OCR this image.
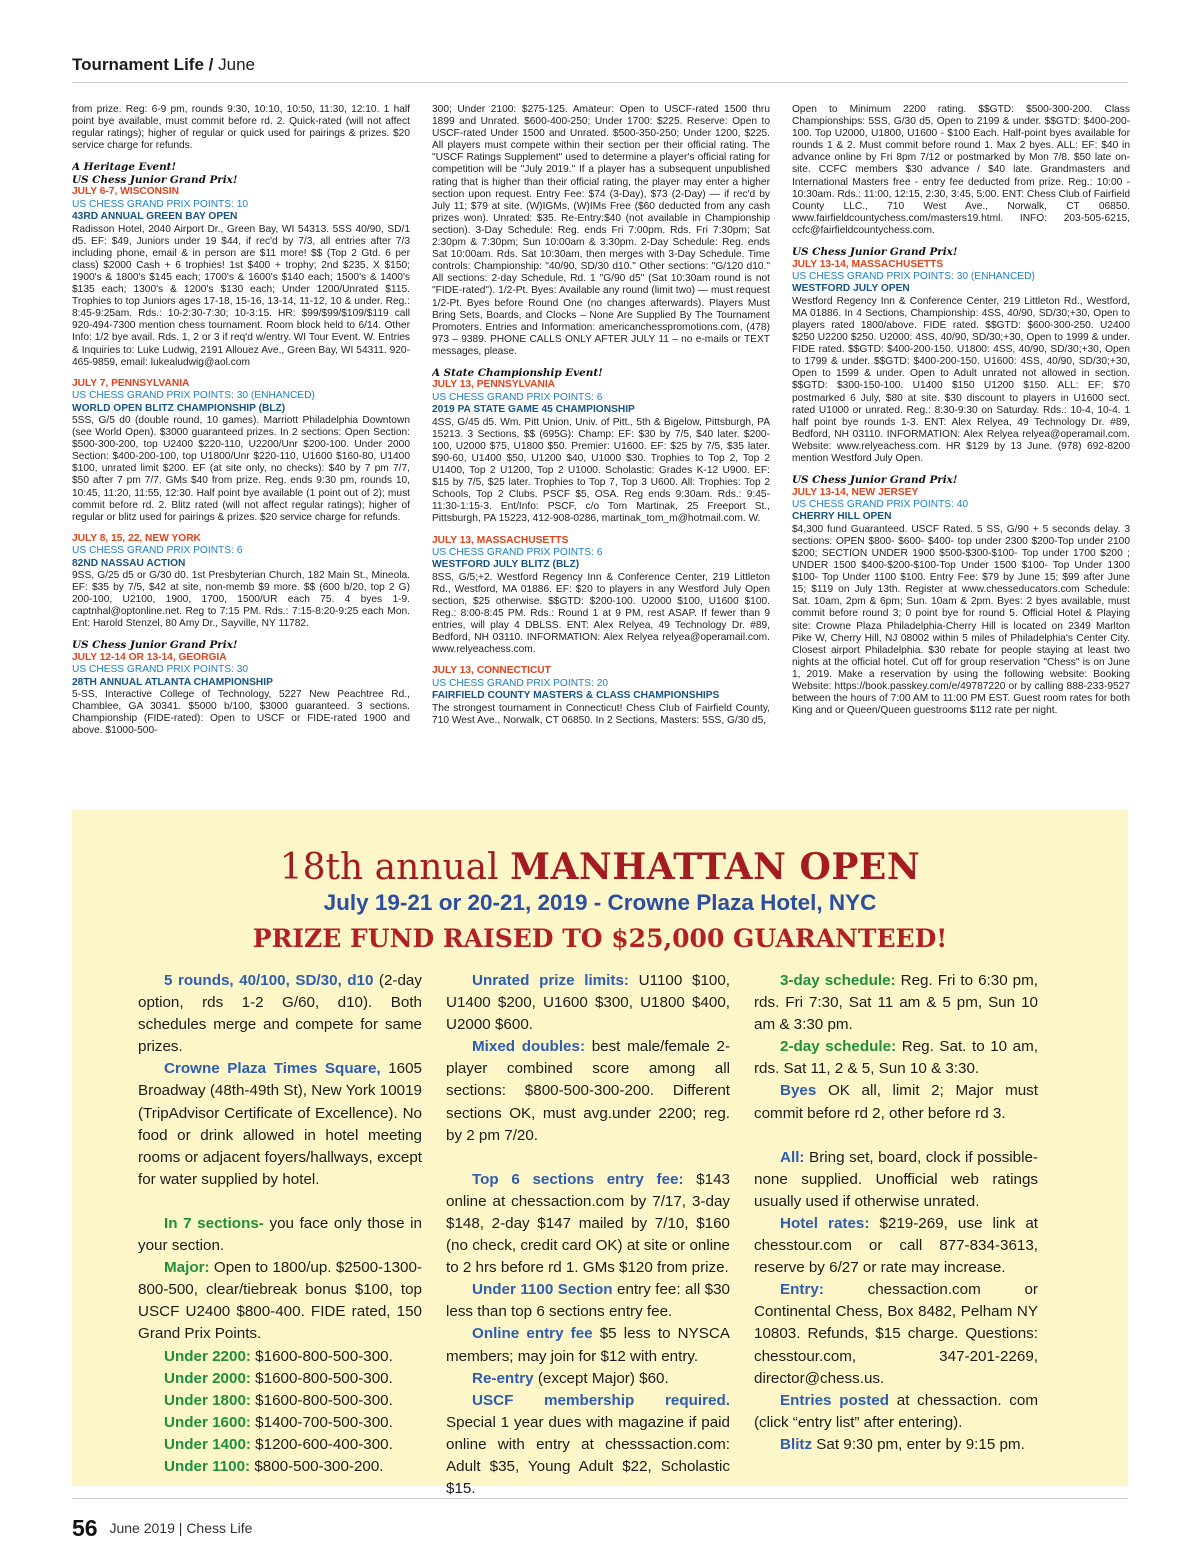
Tournament Life / June

from prize. Reg: 6-9 pm, rounds 9:30, 10:10, 10:50, 11:30, 12:10. 1 half point bye available, must commit before rd. 2. Quick-rated (will not affect regular ratings); higher of regular or quick used for pairings & prizes. $20 service charge for refunds.

A Heritage Event!

US Chess Junior Grand Prix!

JULY 6-7, WISCONSIN

US CHESS GRAND PRIX POINTS: 10

43RD ANNUAL GREEN BAY OPEN

Radisson Hotel, 2040 Airport Dr., Green Bay, WI 54313. 5SS 40/90, SD/1 d5. EF: $49, Juniors under 19 $44, if rec'd by 7/3, all entries after 7/3 including phone, email & in person are $11 more! $$ (Top 2 Gtd. 6 per class) $2000 Cash + 6 trophies! 1st $400 + trophy; 2nd $235, X $150; 1900's & 1800's $145 each; 1700's & 1600's $140 each; 1500's & 1400's $135 each; 1300's & 1200's $130 each; Under 1200/Unrated $115. Trophies to top Juniors ages 17-18, 15-16, 13-14, 11-12, 10 & under. Reg.: 8:45-9:25am. Rds.: 10-2:30-7:30; 10-3:15. HR: $99/$99/$109/$119 call 920-494-7300 mention chess tournament. Room block held to 6/14. Other Info: 1/2 bye avail. Rds. 1, 2 or 3 if req'd w/entry. WI Tour Event. W. Entries & Inquiries to: Luke Ludwig, 2191 Allouez Ave., Green Bay, WI 54311. 920-465-9859, email: lukealudwig@aol.com

JULY 7, PENNSYLVANIA

US CHESS GRAND PRIX POINTS: 30 (ENHANCED)

WORLD OPEN BLITZ CHAMPIONSHIP (BLZ)

5SS, G/5 d0 (double round, 10 games). Marriott Philadelphia Downtown (see World Open). $3000 guaranteed prizes. In 2 sections: Open Section: $500-300-200, top U2400 $220-110, U2200/Unr $200-100. Under 2000 Section: $400-200-100, top U1800/Unr $220-110, U1600 $160-80, U1400 $100, unrated limit $200. EF (at site only, no checks): $40 by 7 pm 7/7, $50 after 7 pm 7/7. GMs $40 from prize. Reg. ends 9:30 pm, rounds 10, 10:45, 11:20, 11:55, 12:30. Half point bye available (1 point out of 2); must commit before rd. 2. Blitz rated (will not affect regular ratings); higher of regular or blitz used for pairings & prizes. $20 service charge for refunds.

JULY 8, 15, 22, NEW YORK

US CHESS GRAND PRIX POINTS: 6

82ND NASSAU ACTION

9SS, G/25 d5 or G/30 d0. 1st Presbyterian Church, 182 Main St., Mineola. EF: $35 by 7/5, $42 at site, non-memb $9 more. $$ (600 b/20, top 2 G) 200-100, U2100, 1900, 1700, 1500/UR each 75. 4 byes 1-9. captnhal@optonline.net. Reg to 7:15 PM. Rds.: 7:15-8:20-9:25 each Mon. Ent: Harold Stenzel, 80 Amy Dr., Sayville, NY 11782.

US Chess Junior Grand Prix!

JULY 12-14 OR 13-14, GEORGIA

US CHESS GRAND PRIX POINTS: 30

28TH ANNUAL ATLANTA CHAMPIONSHIP

5-SS, Interactive College of Technology, 5227 New Peachtree Rd., Chamblee, GA 30341. $5000 b/100, $3000 guaranteed. 3 sections. Championship (FIDE-rated): Open to USCF or FIDE-rated 1900 and above. $1000-500-

300; Under 2100: $275-125. Amateur: Open to USCF-rated 1500 thru 1899 and Unrated. $600-400-250; Under 1700: $225. Reserve: Open to USCF-rated Under 1500 and Unrated. $500-350-250; Under 1200, $225. All players must compete within their section per their official rating. The "USCF Ratings Supplement" used to determine a player's official rating for competition will be "July 2019." If a player has a subsequent unpublished rating that is higher than their official rating, the player may enter a higher section upon request. Entry Fee: $74 (3-Day), $73 (2-Day) — if rec'd by July 11; $79 at site. (W)IGMs, (W)IMs Free ($60 deducted from any cash prizes won). Unrated: $35. Re-Entry:$40 (not available in Championship section). 3-Day Schedule: Reg. ends Fri 7:00pm. Rds. Fri 7:30pm; Sat 2:30pm & 7:30pm; Sun 10:00am & 3:30pm. 2-Day Schedule: Reg. ends Sat 10:00am. Rds. Sat 10:30am, then merges with 3-Day Schedule. Time controls: Championship: "40/90, SD/30 d10." Other sections: "G/120 d10." All sections: 2-day Schedule, Rd. 1 "G/90 d5" (Sat 10:30am round is not "FIDE-rated"). 1/2-Pt. Byes: Available any round (limit two) — must request 1/2-Pt. Byes before Round One (no changes afterwards). Players Must Bring Sets, Boards, and Clocks – None Are Supplied By The Tournament Promoters. Entries and Information: americanchesspromotions.com, (478) 973 – 9389. PHONE CALLS ONLY AFTER JULY 11 – no e-mails or TEXT messages, please.

A State Championship Event!

JULY 13, PENNSYLVANIA

US CHESS GRAND PRIX POINTS: 6

2019 PA STATE GAME 45 CHAMPIONSHIP

4SS, G/45 d5. Wm. Pitt Union, Univ. of Pitt., 5th & Bigelow, Pittsburgh, PA 15213. 3 Sections, $$ (695G): Champ: EF: $30 by 7/5, $40 later. $200-100, U2000 $75, U1800 $50. Premier: U1600. EF: $25 by 7/5, $35 later. $90-60, U1400 $50, U1200 $40, U1000 $30. Trophies to Top 2, Top 2 U1400, Top 2 U1200, Top 2 U1000. Scholastic: Grades K-12 U900. EF: $15 by 7/5, $25 later. Trophies to Top 7, Top 3 U600. All: Trophies: Top 2 Schools, Top 2 Clubs. PSCF $5, OSA. Reg ends 9:30am. Rds.: 9:45-11:30-1:15-3. Ent/Info: PSCF, c/o Tom Martinak, 25 Freeport St., Pittsburgh, PA 15223, 412-908-0286, martinak_tom_m@hotmail.com. W.

JULY 13, MASSACHUSETTS

US CHESS GRAND PRIX POINTS: 6

WESTFORD JULY BLITZ (BLZ)

8SS, G/5;+2. Westford Regency Inn & Conference Center, 219 Littleton Rd., Westford, MA 01886. EF: $20 to players in any Westford July Open section, $25 otherwise. $$GTD: $200-100. U2000 $100, U1600 $100. Reg.: 8:00-8:45 PM. Rds.: Round 1 at 9 PM, rest ASAP. If fewer than 9 entries, will play 4 DBLSS. ENT: Alex Relyea, 49 Technology Dr. #89, Bedford, NH 03110. INFORMATION: Alex Relyea relyea@operamail.com. www.relyeachess.com.

JULY 13, CONNECTICUT

US CHESS GRAND PRIX POINTS: 20

FAIRFIELD COUNTY MASTERS & CLASS CHAMPIONSHIPS

The strongest tournament in Connecticut! Chess Club of Fairfield County, 710 West Ave., Norwalk, CT 06850. In 2 Sections, Masters: 5SS, G/30 d5,

Open to Minimum 2200 rating. $$GTD: $500-300-200. Class Championships: 5SS, G/30 d5, Open to 2199 & under. $$GTD: $400-200-100. Top U2000, U1800, U1600 - $100 Each. Half-point byes available for rounds 1 & 2. Must commit before round 1. Max 2 byes. ALL: EF: $40 in advance online by Fri 8pm 7/12 or postmarked by Mon 7/8. $50 late on-site. CCFC members $30 advance / $40 late. Grandmasters and International Masters free - entry fee deducted from prize. Reg.: 10:00 - 10:30am. Rds.: 11:00, 12:15, 2:30, 3:45, 5:00. ENT: Chess Club of Fairfield County LLC., 710 West Ave., Norwalk, CT 06850. www.fairfieldcountychess.com/masters19.html. INFO: 203-505-6215, ccfc@fairfieldcountychess.com.

US Chess Junior Grand Prix!

JULY 13-14, MASSACHUSETTS

US CHESS GRAND PRIX POINTS: 30 (ENHANCED)

WESTFORD JULY OPEN

Westford Regency Inn & Conference Center, 219 Littleton Rd., Westford, MA 01886. In 4 Sections, Championship: 4SS, 40/90, SD/30;+30, Open to players rated 1800/above. FIDE rated. $$GTD: $600-300-250. U2400 $250 U2200 $250. U2000: 4SS, 40/90, SD/30;+30, Open to 1999 & under. FIDE rated. $$GTD: $400-200-150. U1800: 4SS, 40/90, SD/30;+30, Open to 1799 & under. $$GTD: $400-200-150. U1600: 4SS, 40/90, SD/30;+30, Open to 1599 & under. Open to Adult unrated not allowed in section. $$GTD: $300-150-100. U1400 $150 U1200 $150. ALL: EF: $70 postmarked 6 July, $80 at site. $30 discount to players in U1600 sect. rated U1000 or unrated. Reg.: 8:30-9:30 on Saturday. Rds.: 10-4, 10-4. 1 half point bye rounds 1-3. ENT: Alex Relyea, 49 Technology Dr. #89, Bedford, NH 03110. INFORMATION: Alex Relyea relyea@operamail.com. Website: www.relyeachess.com. HR $129 by 13 June. (978) 692-8200 mention Westford July Open.

US Chess Junior Grand Prix!

JULY 13-14, NEW JERSEY

US CHESS GRAND PRIX POINTS: 40

CHERRY HILL OPEN

$4,300 fund Guaranteed. USCF Rated. 5 SS, G/90 + 5 seconds delay. 3 sections: OPEN $800- $600- $400- top under 2300 $200-Top under 2100 $200; SECTION UNDER 1900 $500-$300-$100- Top under 1700 $200 ; UNDER 1500 $400-$200-$100-Top Under 1500 $100- Top Under 1300 $100- Top Under 1100 $100. Entry Fee: $79 by June 15; $99 after June 15; $119 on July 13th. Register at www.chesseducators.com Schedule: Sat. 10am, 2pm & 6pm; Sun. 10am & 2pm. Byes: 2 byes available, must commit before round 3; 0 point bye for round 5. Official Hotel & Playing site: Crowne Plaza Philadelphia-Cherry Hill is located on 2349 Marlton Pike W, Cherry Hill, NJ 08002 within 5 miles of Philadelphia's Center City. Closest airport Philadelphia. $30 rebate for people staying at least two nights at the official hotel. Cut off for group reservation "Chess" is on June 1, 2019. Make a reservation by using the following website: Booking Website: https://book.passkey.com/e/49787220 or by calling 888-233-9527 between the hours of 7:00 AM to 11:00 PM EST. Guest room rates for both King and or Queen/Queen guestrooms $112 rate per night.

18th annual MANHATTAN OPEN
July 19-21 or 20-21, 2019 - Crowne Plaza Hotel, NYC
PRIZE FUND RAISED TO $25,000 GUARANTEED!

5 rounds, 40/100, SD/30, d10 (2-day option, rds 1-2 G/60, d10). Both schedules merge and compete for same prizes.

Crowne Plaza Times Square, 1605 Broadway (48th-49th St), New York 10019 (TripAdvisor Certificate of Excellence). No food or drink allowed in hotel meeting rooms or adjacent foyers/hallways, except for water supplied by hotel.

In 7 sections- you face only those in your section.

Major: Open to 1800/up. $2500-1300-800-500, clear/tiebreak bonus $100, top USCF U2400 $800-400. FIDE rated, 150 Grand Prix Points.

Under 2200: $1600-800-500-300.

Under 2000: $1600-800-500-300.

Under 1800: $1600-800-500-300.

Under 1600: $1400-700-500-300.

Under 1400: $1200-600-400-300.

Under 1100: $800-500-300-200.

Unrated prize limits: U1100 $100, U1400 $200, U1600 $300, U1800 $400, U2000 $600.

Mixed doubles: best male/female 2-player combined score among all sections: $800-500-300-200. Different sections OK, must avg.under 2200; reg. by 2 pm 7/20.

Top 6 sections entry fee: $143 online at chessaction.com by 7/17, 3-day $148, 2-day $147 mailed by 7/10, $160 (no check, credit card OK) at site or online to 2 hrs before rd 1. GMs $120 from prize.

Under 1100 Section entry fee: all $30 less than top 6 sections entry fee.

Online entry fee $5 less to NYSCA members; may join for $12 with entry.

Re-entry (except Major) $60.

USCF membership required. Special 1 year dues with magazine if paid online with entry at chesssaction.com: Adult $35, Young Adult $22, Scholastic $15.

3-day schedule: Reg. Fri to 6:30 pm, rds. Fri 7:30, Sat 11 am & 5 pm, Sun 10 am & 3:30 pm.

2-day schedule: Reg. Sat. to 10 am, rds. Sat 11, 2 & 5, Sun 10 & 3:30.

Byes OK all, limit 2; Major must commit before rd 2, other before rd 3.

All: Bring set, board, clock if possible-none supplied. Unofficial web ratings usually used if otherwise unrated.

Hotel rates: $219-269, use link at chesstour.com or call 877-834-3613, reserve by 6/27 or rate may increase.

Entry: chessaction.com or Continental Chess, Box 8482, Pelham NY 10803. Refunds, $15 charge. Questions: chesstour.com, 347-201-2269, director@chess.us.

Entries posted at chessaction. com (click “entry list” after entering).

Blitz Sat 9:30 pm, enter by 9:15 pm.

56 June 2019 | Chess Life
